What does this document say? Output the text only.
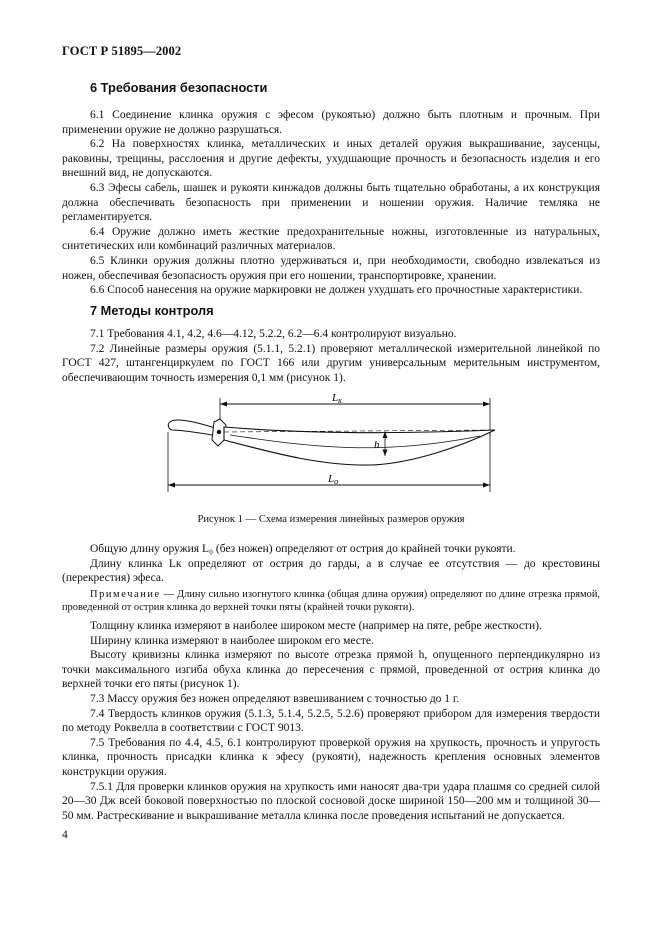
ГОСТ Р 51895—2002
6 Требования безопасности

6.1 Соединение клинка оружия с эфесом (рукоятью) должно быть плотным и прочным. При применении оружие не должно разрушаться.

6.2 На поверхностях клинка, металлических и иных деталей оружия выкрашивание, заусенцы, раковины, трещины, расслоения и другие дефекты, ухудшающие прочность и безопасность изделия и его внешний вид, не допускаются.

6.3 Эфесы сабель, шашек и рукояти кинжадов должны быть тщательно обработаны, а их конструкция должна обеспечивать безопасность при применении и ношении оружия. Наличие темляка не регламентируется.

6.4 Оружие должно иметь жесткие предохранительные ножны, изготовленные из натуральных, синтетических или комбинаций различных материалов.

6.5 Клинки оружия должны плотно удерживаться и, при необходимости, свободно извлекаться из ножен, обеспечивая безопасность оружия при его ношении, транспортировке, хранении.

6.6 Способ нанесения на оружие маркировки не должен ухудшать его прочностные характеристики.

7 Методы контроля

7.1 Требования 4.1, 4.2, 4.6—4.12, 5.2.2, 6.2—6.4 контролируют визуально.

7.2 Линейные размеры оружия (5.1.1, 5.2.1) проверяют металлической измерительной линейкой по ГОСТ 427, штангенциркулем по ГОСТ 166 или другим универсальным мерительным инструментом, обеспечивающим точность измерения 0,1 мм (рисунок 1).

Lк
Lо
h
Рисунок 1 — Схема измерения линейных размеров оружия

Общую длину оружия L₀ (без ножен) определяют от острия до крайней точки рукояти.

Длину клинка Lк определяют от острия до гарды, а в случае ее отсутствия — до крестовины (перекрестия) эфеса.

Примечание — Длину сильно изогнутого клинка (общая длина оружия) определяют по длине отрезка прямой, проведенной от острия клинка до верхней точки пяты (крайней точки рукояти).

Толщину клинка измеряют в наиболее широком месте (например на пяте, ребре жесткости).

Ширину клинка измеряют в наиболее широком его месте.

Высоту кривизны клинка измеряют по высоте отрезка прямой h, опущенного перпендикулярно из точки максимального изгиба обуха клинка до пересечения с прямой, проведенной от острия клинка до верхней точки его пяты (рисунок 1).

7.3 Массу оружия без ножен определяют взвешиванием с точностью до 1 г.

7.4 Твердость клинков оружия (5.1.3, 5.1.4, 5.2.5, 5.2.6) проверяют прибором для измерения твердости по методу Роквелла в соответствии с ГОСТ 9013.

7.5 Требования по 4.4, 4.5, 6.1 контролируют проверкой оружия на хрупкость, прочность и упругость клинка, прочность присадки клинка к эфесу (рукояти), надежность крепления основных элементов конструкции оружия.

7.5.1 Для проверки клинков оружия на хрупкость ими наносят два-три удара плашмя со средней силой 20—30 Дж всей боковой поверхностью по плоской сосновой доске шириной 150—200 мм и толщиной 30—50 мм. Растрескивание и выкрашивание металла клинка после проведения испытаний не допускается.

4
